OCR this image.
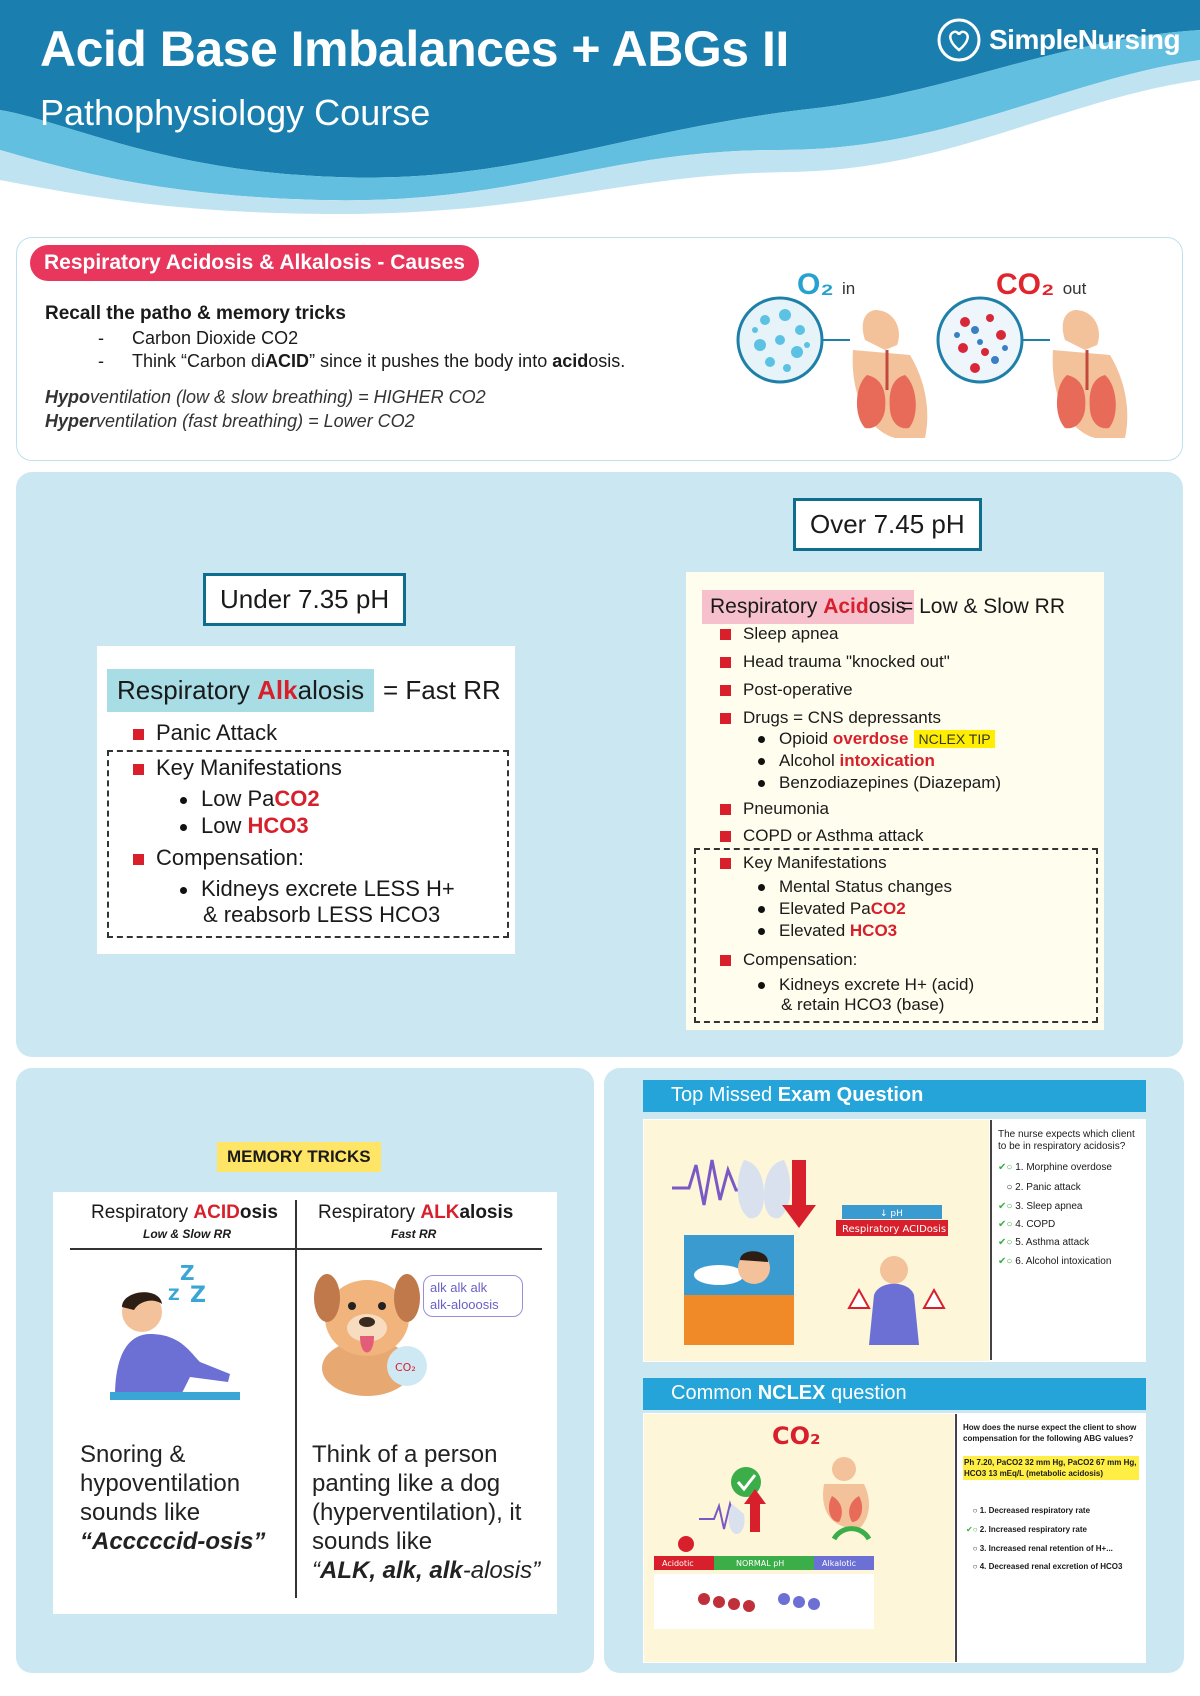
Acid Base Imbalances + ABGs II
Pathophysiology Course
SimpleNursing
Respiratory Acidosis & Alkalosis - Causes
Recall the patho & memory tricks
- Carbon Dioxide CO2
- Think “Carbon diACID” since it pushes the body into acidosis.
Hypoventilation (low & slow breathing) = HIGHER CO2
Hyperventilation (fast breathing) = Lower CO2
O₂ in	CO₂ out
Under 7.35 pH
Over 7.45 pH
Respiratory Alkalosis = Fast RR
Panic Attack
Key Manifestations
Low PaCO2
Low HCO3
Compensation:
Kidneys excrete LESS H+
& reabsorb LESS HCO3
Respiratory Acidosis
= Low & Slow RR
Sleep apnea
Head trauma "knocked out"
Post-operative
Drugs = CNS depressants
Opioid overdose NCLEX TIP
Alcohol intoxication
Benzodiazepines (Diazepam)
Pneumonia
COPD or Asthma attack
Key Manifestations
Mental Status changes
Elevated PaCO2
Elevated HCO3
Compensation:
Kidneys excrete H+ (acid)
& retain HCO3 (base)
MEMORY TRICKS
Respiratory ACIDosis
Low & Slow RR
Respiratory ALKalosis
Fast RR
Z
Z Z
CO₂
alk alk alk
alk-alooosis
Snoring & hypoventilation sounds like
“Acccccid-osis”
Think of a person panting like a dog (hyperventilation), it sounds like
“ALK, alk, alk-alosis”
Top Missed Exam Question
↓ pH
Respiratory ACIDosis
The nurse expects which client to be in respiratory acidosis?
✔○ 1. Morphine overdose
○ 2. Panic attack
✔○ 3. Sleep apnea
✔○ 4. COPD
✔○ 5. Asthma attack
✔○ 6. Alcohol intoxication
Common NCLEX question
CO₂
Acidotic	NORMAL pH	Alkalotic
How does the nurse expect the client to show compensation for the following ABG values?
Ph 7.20, PaCO2 32 mm Hg, PaCO2 67 mm Hg, HCO3 13 mEq/L (metabolic acidosis)
○ 1. Decreased respiratory rate
✔○ 2. Increased respiratory rate
○ 3. Increased renal retention of H+...
○ 4. Decreased renal excretion of HCO3
